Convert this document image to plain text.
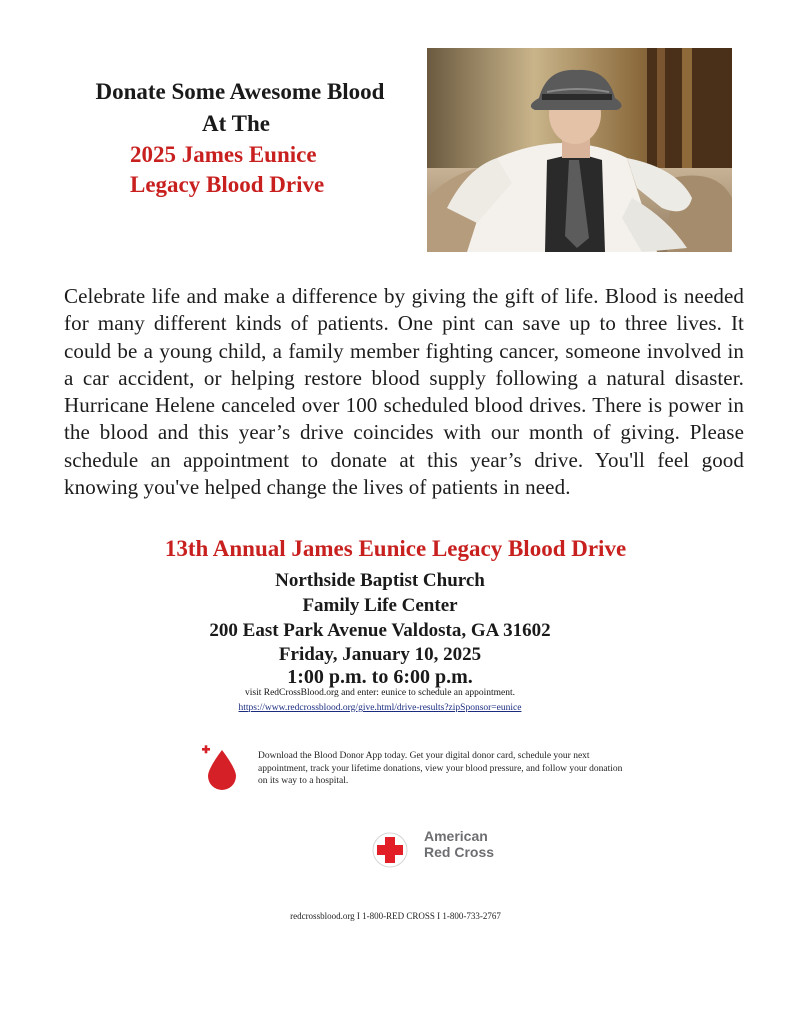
Donate Some Awesome Blood
At The
2025 James Eunice
Legacy Blood Drive

Celebrate life and make a difference by giving the gift of life. Blood is needed for many different kinds of patients. One pint can save up to three lives. It could be a young child, a family member fighting cancer, someone involved in a car accident, or helping restore blood supply following a natural disaster. Hurricane Helene canceled over 100 scheduled blood drives. There is power in the blood and this year’s drive coincides with our month of giving. Please schedule an appointment to donate at this year’s drive. You'll feel good knowing you've helped change the lives of patients in need.

13th Annual James Eunice Legacy Blood Drive
Northside Baptist Church
Family Life Center
200 East Park Avenue Valdosta, GA 31602
Friday, January 10, 2025
1:00 p.m. to 6:00 p.m.
visit RedCrossBlood.org and enter: eunice to schedule an appointment.
https://www.redcrossblood.org/give.html/drive-results?zipSponsor=eunice
Download the Blood Donor App today. Get your digital donor card, schedule your next appointment, track your lifetime donations, view your blood pressure, and follow your donation on its way to a hospital.
American
Red Cross
redcrossblood.org I 1-800-RED CROSS I 1-800-733-2767
